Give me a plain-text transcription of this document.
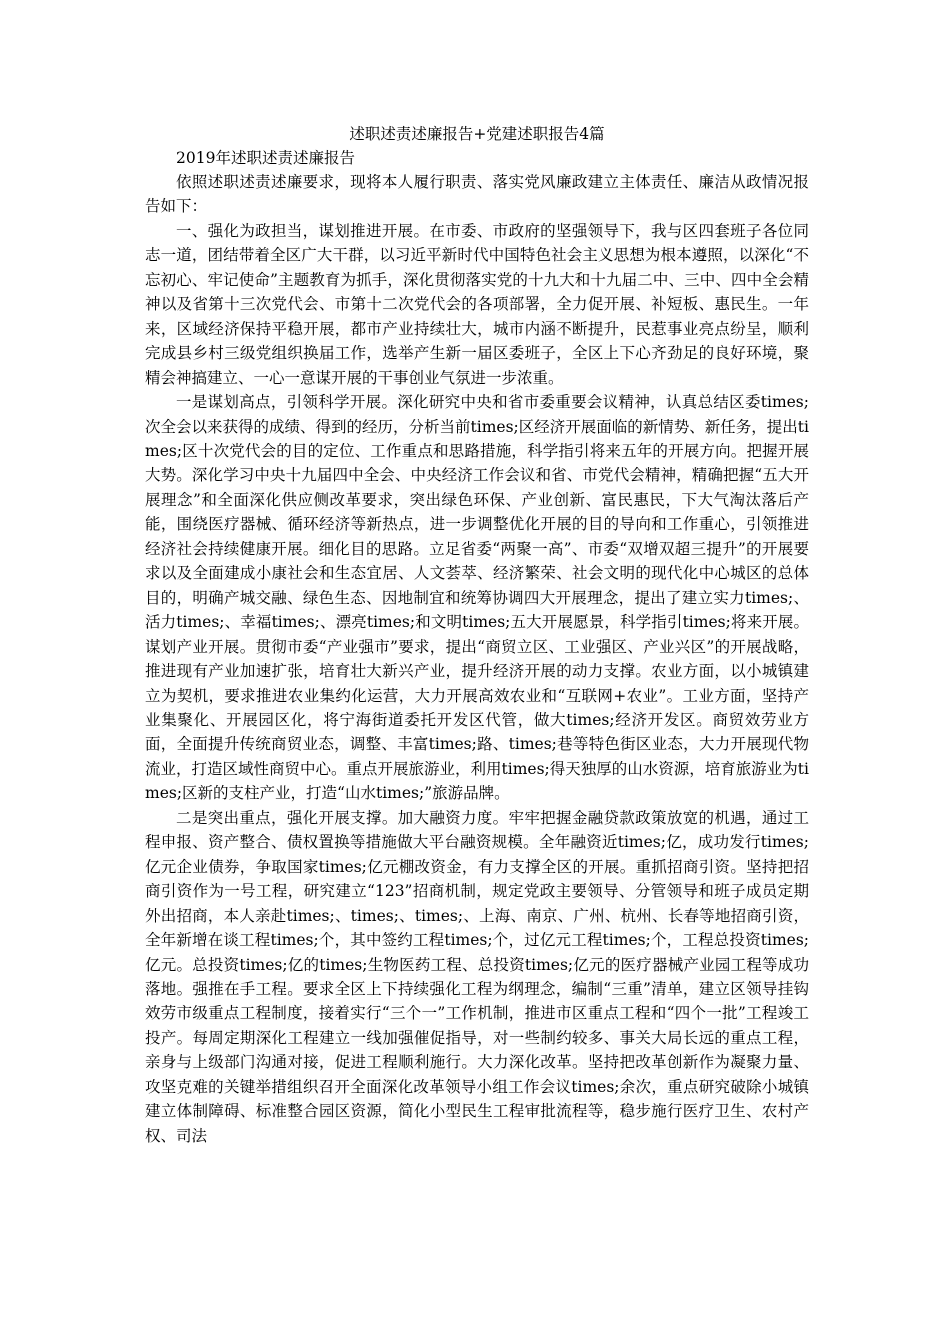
述职述责述廉报告+党建述职报告4篇
2019年述职述责述廉报告

依照述职述责述廉要求，现将本人履行职责、落实党风廉政建立主体责任、廉洁从政情况报告如下：

一、强化为政担当，谋划推进开展。在市委、市政府的坚强领导下，我与区四套班子各位同志一道，团结带着全区广大干群，以习近平新时代中国特色社会主义思想为根本遵照，以深化“不忘初心、牢记使命”主题教育为抓手，深化贯彻落实党的十九大和十九届二中、三中、四中全会精神以及省第十三次党代会、市第十二次党代会的各项部署，全力促开展、补短板、惠民生。一年来，区域经济保持平稳开展，都市产业持续壮大，城市内涵不断提升，民惹事业亮点纷呈，顺利完成县乡村三级党组织换届工作，选举产生新一届区委班子，全区上下心齐劲足的良好环境，聚精会神搞建立、一心一意谋开展的干事创业气氛进一步浓重。

一是谋划高点，引领科学开展。深化研究中央和省市委重要会议精神，认真总结区委times;次全会以来获得的成绩、得到的经历，分析当前times;区经济开展面临的新情势、新任务，提出times;区十次党代会的目的定位、工作重点和思路措施，科学指引将来五年的开展方向。把握开展大势。深化学习中央十九届四中全会、中央经济工作会议和省、市党代会精神，精确把握“五大开展理念”和全面深化供应侧改革要求，突出绿色环保、产业创新、富民惠民，下大气淘汰落后产能，围绕医疗器械、循环经济等新热点，进一步调整优化开展的目的导向和工作重心，引领推进经济社会持续健康开展。细化目的思路。立足省委“两聚一高”、市委“双增双超三提升”的开展要求以及全面建成小康社会和生态宜居、人文荟萃、经济繁荣、社会文明的现代化中心城区的总体目的，明确产城交融、绿色生态、因地制宜和统筹协调四大开展理念，提出了建立实力times;、活力times;、幸福times;、漂亮times;和文明times;五大开展愿景，科学指引times;将来开展。谋划产业开展。贯彻市委“产业强市”要求，提出“商贸立区、工业强区、产业兴区”的开展战略，推进现有产业加速扩张，培育壮大新兴产业，提升经济开展的动力支撑。农业方面，以小城镇建立为契机，要求推进农业集约化运营，大力开展高效农业和“互联网+农业”。工业方面，坚持产业集聚化、开展园区化，将宁海街道委托开发区代管，做大times;经济开发区。商贸效劳业方面，全面提升传统商贸业态，调整、丰富times;路、times;巷等特色街区业态，大力开展现代物流业，打造区域性商贸中心。重点开展旅游业，利用times;得天独厚的山水资源，培育旅游业为times;区新的支柱产业，打造“山水times;”旅游品牌。

二是突出重点，强化开展支撑。加大融资力度。牢牢把握金融贷款政策放宽的机遇，通过工程申报、资产整合、债权置换等措施做大平台融资规模。全年融资近times;亿，成功发行times;亿元企业债券，争取国家times;亿元棚改资金，有力支撑全区的开展。重抓招商引资。坚持把招商引资作为一号工程，研究建立“123”招商机制，规定党政主要领导、分管领导和班子成员定期外出招商，本人亲赴times;、times;、times;、上海、南京、广州、杭州、长春等地招商引资，全年新增在谈工程times;个，其中签约工程times;个，过亿元工程times;个，工程总投资times;亿元。总投资times;亿的times;生物医药工程、总投资times;亿元的医疗器械产业园工程等成功落地。强推在手工程。要求全区上下持续强化工程为纲理念，编制“三重”清单，建立区领导挂钩效劳市级重点工程制度，接着实行“三个一”工作机制，推进市区重点工程和“四个一批”工程竣工投产。每周定期深化工程建立一线加强催促指导，对一些制约较多、事关大局长远的重点工程，亲身与上级部门沟通对接，促进工程顺利施行。大力深化改革。坚持把改革创新作为凝聚力量、攻坚克难的关键举措组织召开全面深化改革领导小组工作会议times;余次，重点研究破除小城镇建立体制障碍、标准整合园区资源，简化小型民生工程审批流程等，稳步施行医疗卫生、农村产权、司法
